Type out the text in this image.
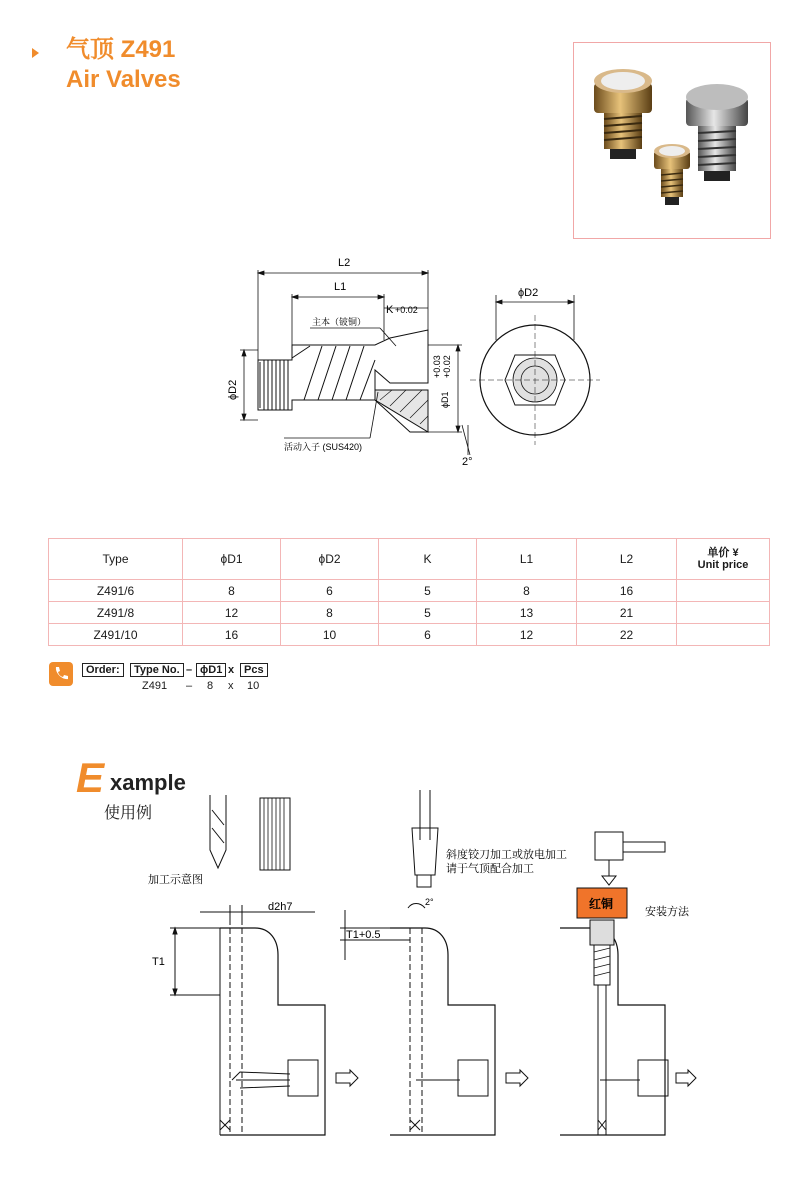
气顶 Z491
Air Valves
L2
L1
K +0.02
ϕD2	ϕD1
+0.03 +0.02
主本（铍铜）
活动入子 (SUS420)
2°
ϕD2
Type	ϕD1	ϕD2	K	L1	L2	单价 ¥
Unit price

Z491/6	8	6	5	8	16	
Z491/8	12	8	5	13	21	
Z491/10	16	10	6	12	22	
Order:	Type No. – ϕD1 x Pcs
Z491 – 8 x 10
E xample
使用例
加工示意图
d2h7
T1
T1+0.5
2°
斜度铰刀加工或放电加工
请于气顶配合加工
红铜
安装方法
